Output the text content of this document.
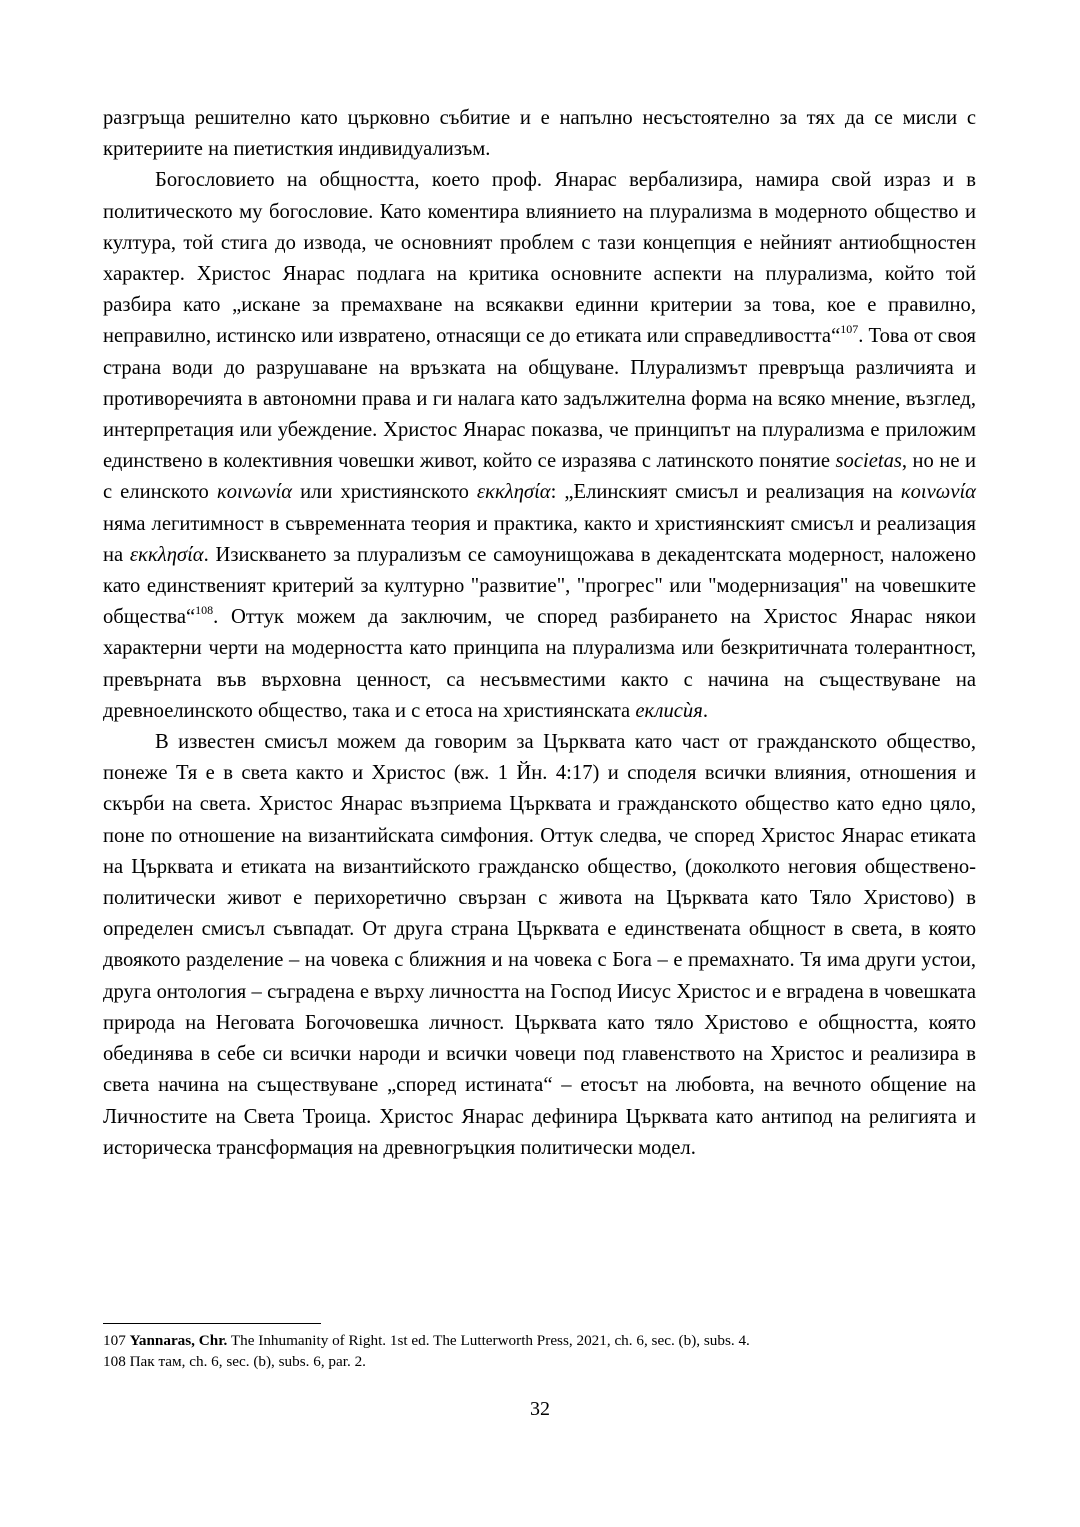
разгръща решително като църковно събитие и е напълно несъстоятелно за тях да се мисли с критериите на пиетисткия индивидуализъм.

Богословието на общността, което проф. Янарас вербализира, намира свой израз и в политическото му богословие. Като коментира влиянието на плурализма в модерното общество и култура, той стига до извода, че основният проблем с тази концепция е нейният антиобщностен характер. Христос Янарас подлага на критика основните аспекти на плурализма, който той разбира като „искане за премахване на всякакви единни критерии за това, кое е правилно, неправилно, истинско или извратено, отнасящи се до етиката или справедливостта“$^{107}$. Това от своя страна води до разрушаване на връзката на общуване. Плурализмът превръща различията и противоречията в автономни права и ги налага като задължителна форма на всяко мнение, възглед, интерпретация или убеждение. Христос Янарас показва, че принципът на плурализма е приложим единствено в колективния човешки живот, който се изразява с латинското понятие societas, но не и с елинското κοινωνία или християнското εκκλησία: „Елинският смисъл и реализация на κοινωνία няма легитимност в съвременната теория и практика, както и християнският смисъл и реализация на εκκλησία. Изискването за плурализъм се самоунищожава в декадентската модерност, наложено като единственият критерий за културно "развитие", "прогрес" или "модернизация" на човешките общества“$^{108}$. Оттук можем да заключим, че според разбирането на Христос Янарас някои характерни черти на модерността като принципа на плурализма или безкритичната толерантност, превърната във върховна ценност, са несъвместими както с начина на съществуване на древноелинското общество, така и с етоса на християнската еклисѝя.

В известен смисъл можем да говорим за Църквата като част от гражданското общество, понеже Тя е в света както и Христос (вж. 1 Йн. 4:17) и споделя всички влияния, отношения и скърби на света. Христос Янарас възприема Църквата и гражданското общество като едно цяло, поне по отношение на византийската симфония. Оттук следва, че според Христос Янарас етиката на Църквата и етиката на византийското гражданско общество, (доколкото неговия обществено-политически живот е перихоретично свързан с живота на Църквата като Тяло Христово) в определен смисъл съвпадат. От друга страна Църквата е единствената общност в света, в която двоякото разделение – на човека с ближния и на човека с Бога – е премахнато. Тя има други устои, друга онтология – съградена е върху личността на Господ Иисус Христос и е вградена в човешката природа на Неговата Богочовешка личност. Църквата като тяло Христово е общността, която обединява в себе си всички народи и всички човеци под главенството на Христос и реализира в света начина на съществуване „според истината“ – етосът на любовта, на вечното общение на Личностите на Света Троица. Христос Янарас дефинира Църквата като антипод на религията и историческа трансформация на древногръцкия политически модел.

107 Yannaras, Chr. The Inhumanity of Right. 1st ed. The Lutterworth Press, 2021, ch. 6, sec. (b), subs. 4.

108 Пак там, ch. 6, sec. (b), subs. 6, par. 2.

32
